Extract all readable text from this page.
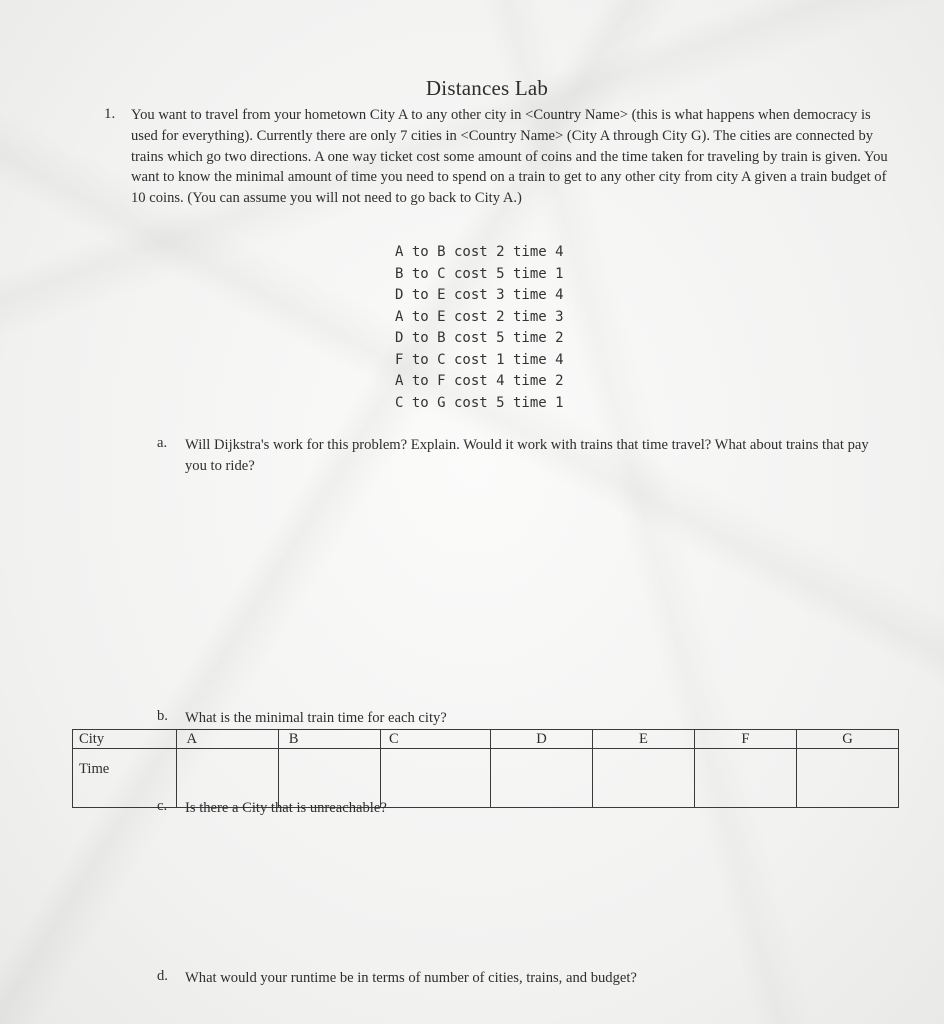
Distances Lab
1. You want to travel from your hometown City A to any other city in <Country Name> (this is what happens when democracy is used for everything). Currently there are only 7 cities in <Country Name> (City A through City G). The cities are connected by trains which go two directions. A one way ticket cost some amount of coins and the time taken for traveling by train is given. You want to know the minimal amount of time you need to spend on a train to get to any other city from city A given a train budget of 10 coins. (You can assume you will not need to go back to City A.)
A to B cost 2 time 4
B to C cost 5 time 1
D to E cost 3 time 4
A to E cost 2 time 3
D to B cost 5 time 2
F to C cost 1 time 4
A to F cost 4 time 2
C to G cost 5 time 1
a. Will Dijkstra's work for this problem? Explain. Would it work with trains that time travel? What about trains that pay you to ride?
b. What is the minimal train time for each city?
City	A	B	C	D	E	F	G
Time							
c. Is there a City that is unreachable?
d. What would your runtime be in terms of number of cities, trains, and budget?
